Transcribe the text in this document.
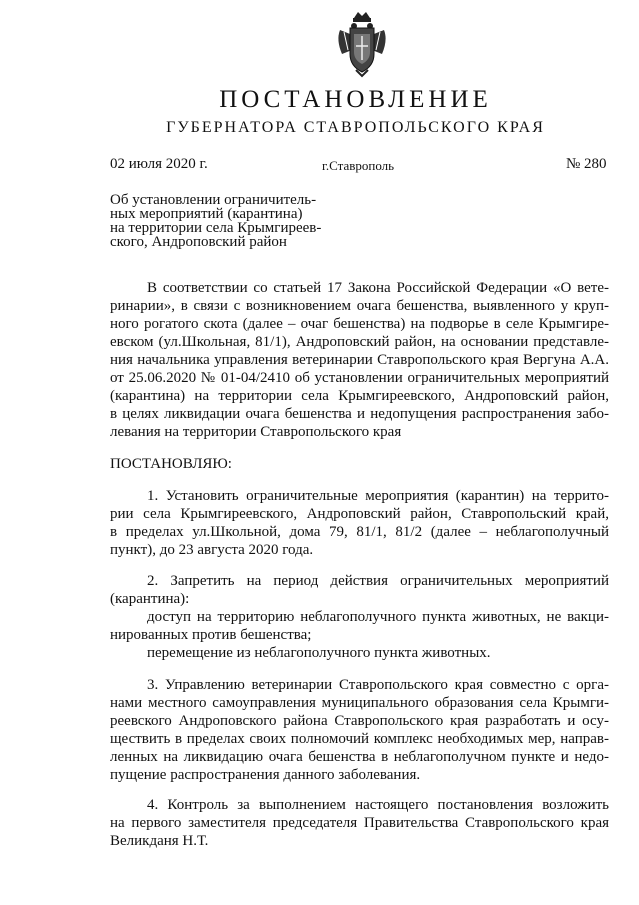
ПОСТАНОВЛЕНИЕ
ГУБЕРНАТОРА СТАВРОПОЛЬСКОГО КРАЯ
02 июля 2020 г.	г.Ставрополь	№ 280
Об установлении ограничитель-
ных мероприятий (карантина)
на территории села Крымгиреев-
ского, Андроповский район
В соответствии со статьей 17 Закона Российской Федерации «О вете-
ринарии», в связи с возникновением очага бешенства, выявленного у круп-
ного рогатого скота (далее – очаг бешенства) на подворье в селе Крымгире-
евском (ул.Школьная, 81/1), Андроповский район, на основании представле-
ния начальника управления ветеринарии Ставропольского края Вергуна А.А.
от 25.06.2020 № 01-04/2410 об установлении ограничительных мероприятий
(карантина) на территории села Крымгиреевского, Андроповский район,
в целях ликвидации очага бешенства и недопущения распространения забо-
левания на территории Ставропольского края
ПОСТАНОВЛЯЮ:
1. Установить ограничительные мероприятия (карантин) на террито-
рии села Крымгиреевского, Андроповский район, Ставропольский край,
в пределах ул.Школьной, дома 79, 81/1, 81/2 (далее – неблагополучный
пункт), до 23 августа 2020 года.
2. Запретить на период действия ограничительных мероприятий
(карантина):
доступ на территорию неблагополучного пункта животных, не вакци-
нированных против бешенства;
перемещение из неблагополучного пункта животных.
3. Управлению ветеринарии Ставропольского края совместно с орга-
нами местного самоуправления муниципального образования села Крымги-
реевского Андроповского района Ставропольского края разработать и осу-
ществить в пределах своих полномочий комплекс необходимых мер, направ-
ленных на ликвидацию очага бешенства в неблагополучном пункте и недо-
пущение распространения данного заболевания.
4. Контроль за выполнением настоящего постановления возложить
на первого заместителя председателя Правительства Ставропольского края
Великданя Н.Т.
